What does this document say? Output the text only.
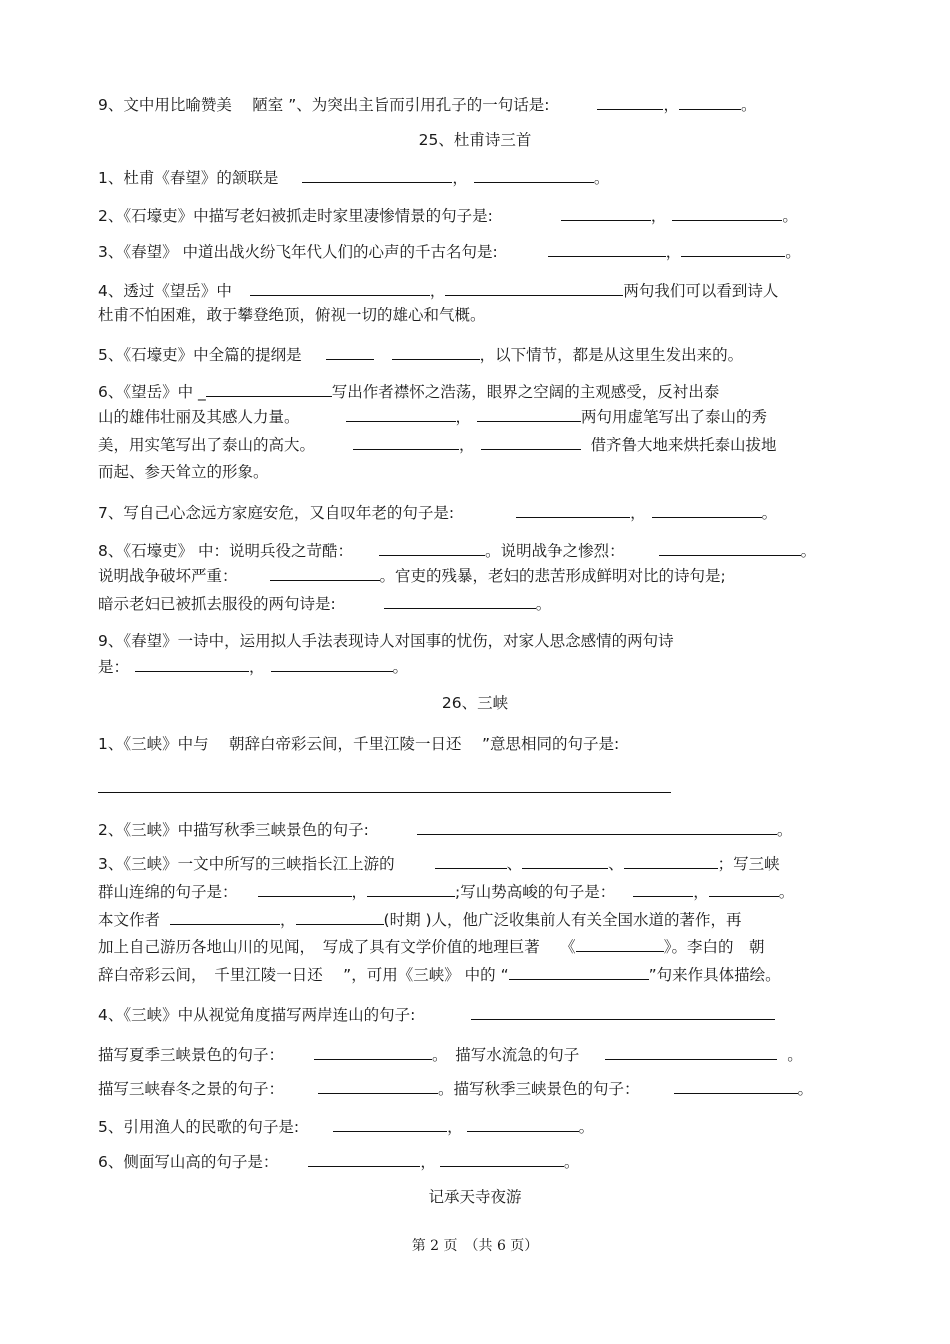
9、文中用比喻赞美　 陋室 ”、为突出主旨而引用孔子的一句话是:	，	。
25、杜甫诗三首
1、杜甫《春望》的颔联是	，	。
2、《石壕吏》中描写老妇被抓走时家里凄惨情景的句子是:	，	。
3、《春望》 中道出战火纷飞年代人们的心声的千古名句是:	，	。
4、透过《望岳》中	，	两句我们可以看到诗人
杜甫不怕困难，敢于攀登绝顶，俯视一切的雄心和气概。
5、《石壕吏》中全篇的提纲是	，以下情节，都是从这里生发出来的。
6、《望岳》中 _	写出作者襟怀之浩荡，眼界之空阔的主观感受，反衬出泰
山的雄伟壮丽及其感人力量。	，	两句用虚笔写出了泰山的秀
美，用实笔写出了泰山的高大。	，	借齐鲁大地来烘托泰山拔地
而起、参天耸立的形象。
7、写自己心念远方家庭安危，又自叹年老的句子是:	，	。
8、《石壕吏》 中：说明兵役之苛酷：	。说明战争之惨烈：	。
说明战争破坏严重：	。官吏的残暴，老妇的悲苦形成鲜明对比的诗句是;
暗示老妇已被抓去服役的两句诗是:	。
9、《春望》一诗中，运用拟人手法表现诗人对国事的忧伤，对家人思念感情的两句诗
是：	，	。
26、三峡
1、《三峡》中与　 朝辞白帝彩云间，千里江陵一日还　 ”意思相同的句子是:
2、《三峡》中描写秋季三峡景色的句子:	。
3、《三峡》一文中所写的三峡指长江上游的	、	、	；写三峡
群山连绵的句子是：	，	;写山势高峻的句子是：	，	。
本文作者	，	(时期 )人，他广泛收集前人有关全国水道的著作，再
加上自己游历各地山川的见闻，　写成了具有文学价值的地理巨著　 《	》。李白的　朝
辞白帝彩云间，　千里江陵一日还　 ”，可用《三峡》 中的 “	”句来作具体描绘。
4、《三峡》中从视觉角度描写两岸连山的句子:
描写夏季三峡景色的句子：	。　描写水流急的句子	。
描写三峡春冬之景的句子：	。描写秋季三峡景色的句子：	。
5、引用渔人的民歌的句子是:	，	。
6、侧面写山高的句子是：	，	。
记承天寺夜游
第 2 页　（共 6 页）
